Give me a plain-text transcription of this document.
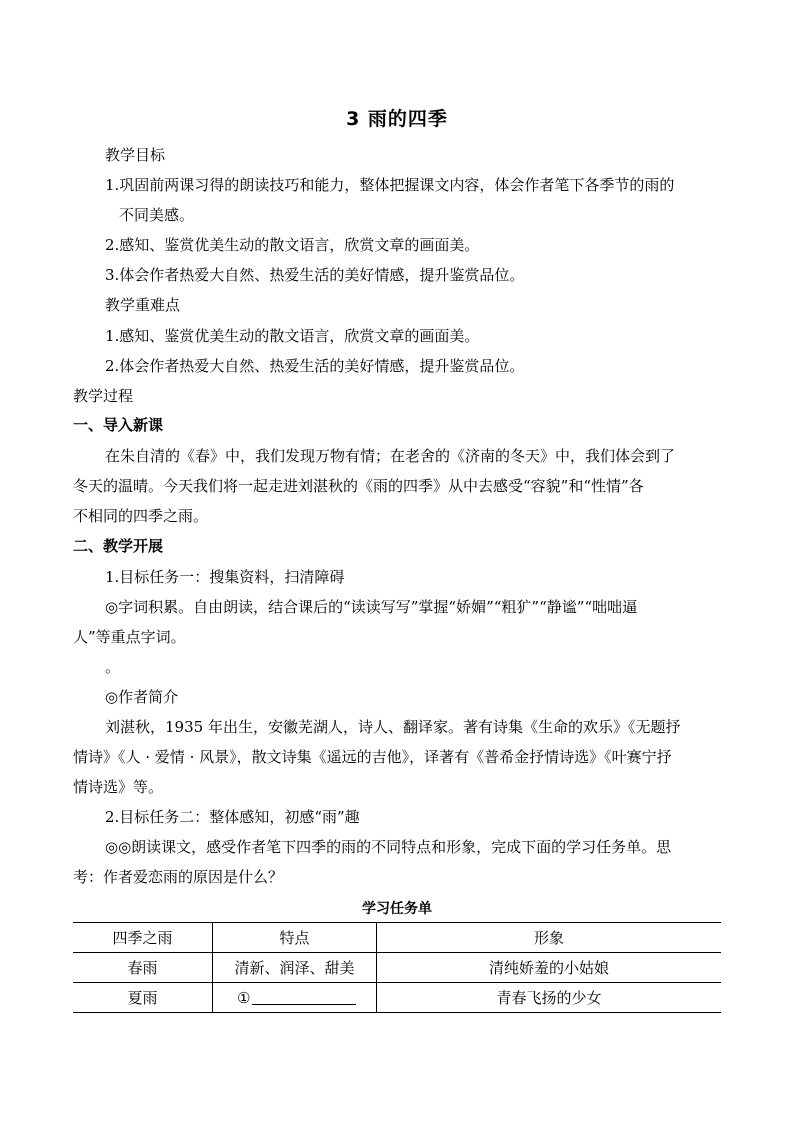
3 雨的四季
教学目标
1.巩固前两课习得的朗读技巧和能力，整体把握课文内容，体会作者笔下各季节的雨的
不同美感。
2.感知、鉴赏优美生动的散文语言，欣赏文章的画面美。
3.体会作者热爱大自然、热爱生活的美好情感，提升鉴赏品位。
教学重难点
1.感知、鉴赏优美生动的散文语言，欣赏文章的画面美。
2.体会作者热爱大自然、热爱生活的美好情感，提升鉴赏品位。
教学过程
一、导入新课
在朱自清的《春》中，我们发现万物有情；在老舍的《济南的冬天》中，我们体会到了
冬天的温晴。今天我们将一起走进刘湛秋的《雨的四季》从中去感受“容貌”和“性情”各
不相同的四季之雨。
二、教学开展
1.目标任务一：搜集资料，扫清障碍
◎字词积累。自由朗读，结合课后的“读读写写”掌握“娇媚”“粗犷”“静谧”“咄咄逼
人”等重点字词。
。
◎作者简介
刘湛秋，1935 年出生，安徽芜湖人，诗人、翻译家。著有诗集《生命的欢乐》《无题抒
情诗》《人 · 爱情 · 风景》，散文诗集《遥远的吉他》，译著有《普希金抒情诗选》《叶赛宁抒
情诗选》等。
2.目标任务二：整体感知，初感“雨”趣
◎◎朗读课文，感受作者笔下四季的雨的不同特点和形象，完成下面的学习任务单。思
考：作者爱恋雨的原因是什么？
学习任务单
四季之雨	特点	形象
春雨	清新、润泽、甜美	清纯娇羞的小姑娘
夏雨	①	青春飞扬的少女
